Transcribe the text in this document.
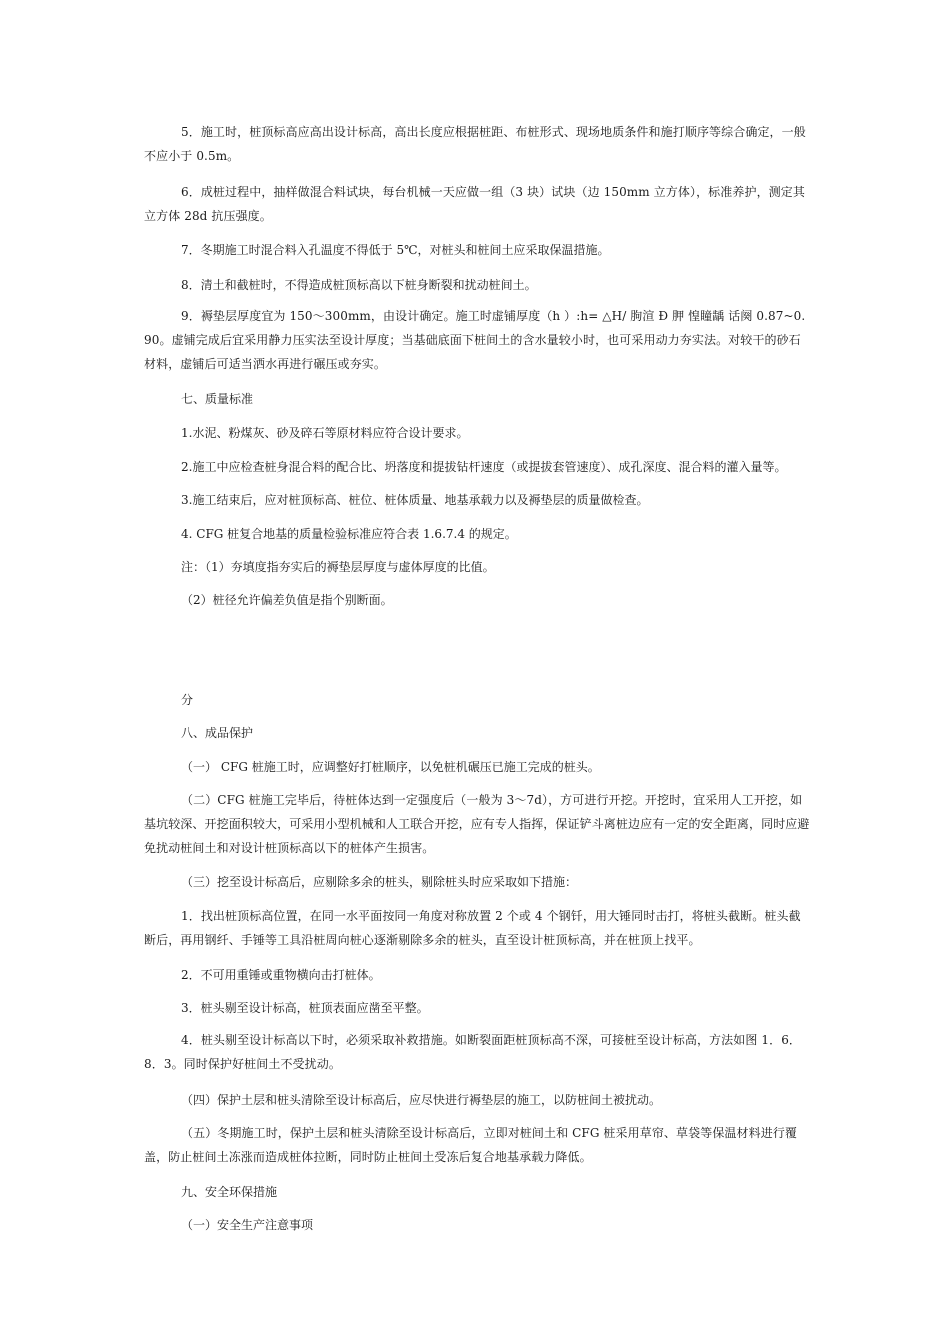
5．施工时，桩顶标高应高出设计标高，高出长度应根据桩距、布桩形式、现场地质条件和施打顺序等综合确定，一般不应小于 0.5m。

6．成桩过程中，抽样做混合料试块，每台机械一天应做一组（3 块）试块（边 150mm 立方体），标准养护，测定其立方体 28d 抗压强度。

7．冬期施工时混合料入孔温度不得低于 5℃，对桩头和桩间土应采取保温措施。

8．清土和截桩时，不得造成桩顶标高以下桩身断裂和扰动桩间土。

9．褥垫层厚度宜为 150～300mm，由设计确定。施工时虚铺厚度（h ）:h= △H/ 朐渲 Ð 胛 惶瞳龋 话阕 0.87~0.90。虚铺完成后宜采用静力压实法至设计厚度；当基础底面下桩间土的含水量较小时，也可采用动力夯实法。对较干的砂石材料，虚铺后可适当洒水再进行碾压或夯实。

七、质量标准

1.水泥、粉煤灰、砂及碎石等原材料应符合设计要求。

2.施工中应检查桩身混合料的配合比、坍落度和提拔钻杆速度（或提拔套管速度）、成孔深度、混合料的灌入量等。

3.施工结束后，应对桩顶标高、桩位、桩体质量、地基承载力以及褥垫层的质量做检查。

4. CFG 桩复合地基的质量检验标准应符合表 1.6.7.4 的规定。

注：（1）夯填度指夯实后的褥垫层厚度与虚体厚度的比值。

（2）桩径允许偏差负值是指个别断面。

分

八、成品保护

（一） CFG 桩施工时，应调整好打桩顺序，以免桩机碾压已施工完成的桩头。

（二）CFG 桩施工完毕后，待桩体达到一定强度后（一般为 3～7d），方可进行开挖。开挖时，宜采用人工开挖，如基坑较深、开挖面积较大，可采用小型机械和人工联合开挖，应有专人指挥，保证铲斗离桩边应有一定的安全距离，同时应避免扰动桩间土和对设计桩顶标高以下的桩体产生损害。

（三）挖至设计标高后，应剔除多余的桩头，剔除桩头时应采取如下措施：

1．找出桩顶标高位置，在同一水平面按同一角度对称放置 2 个或 4 个钢钎，用大锤同时击打，将桩头截断。桩头截断后，再用钢纤、手锤等工具沿桩周向桩心逐渐剔除多余的桩头，直至设计桩顶标高，并在桩顶上找平。

2．不可用重锤或重物横向击打桩体。

3．桩头剔至设计标高，桩顶表面应凿至平整。

4．桩头剔至设计标高以下时，必须采取补救措施。如断裂面距桩顶标高不深，可接桩至设计标高，方法如图 1．6．8．3。同时保护好桩间土不受扰动。

（四）保护土层和桩头清除至设计标高后，应尽快进行褥垫层的施工，以防桩间土被扰动。

（五）冬期施工时，保护土层和桩头清除至设计标高后，立即对桩间土和 CFG 桩采用草帘、草袋等保温材料进行覆盖，防止桩间土冻涨而造成桩体拉断，同时防止桩间土受冻后复合地基承载力降低。

九、安全环保措施

（一）安全生产注意事项
